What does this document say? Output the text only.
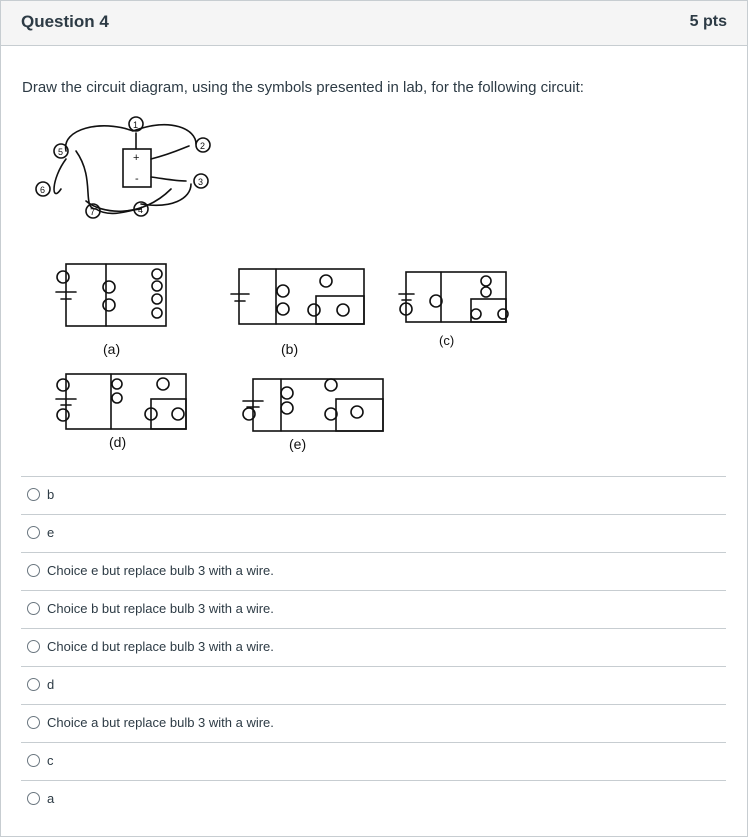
Question 4	5 pts
Draw the circuit diagram, using the symbols presented in lab, for the following circuit:
+
-
1
2
3
4
5
6
7
(a)	(b)
(c)
(d)	(e)
b
e
Choice e but replace bulb 3 with a wire.
Choice b but replace bulb 3 with a wire.
Choice d but replace bulb 3 with a wire.
d
Choice a but replace bulb 3 with a wire.
c
a
